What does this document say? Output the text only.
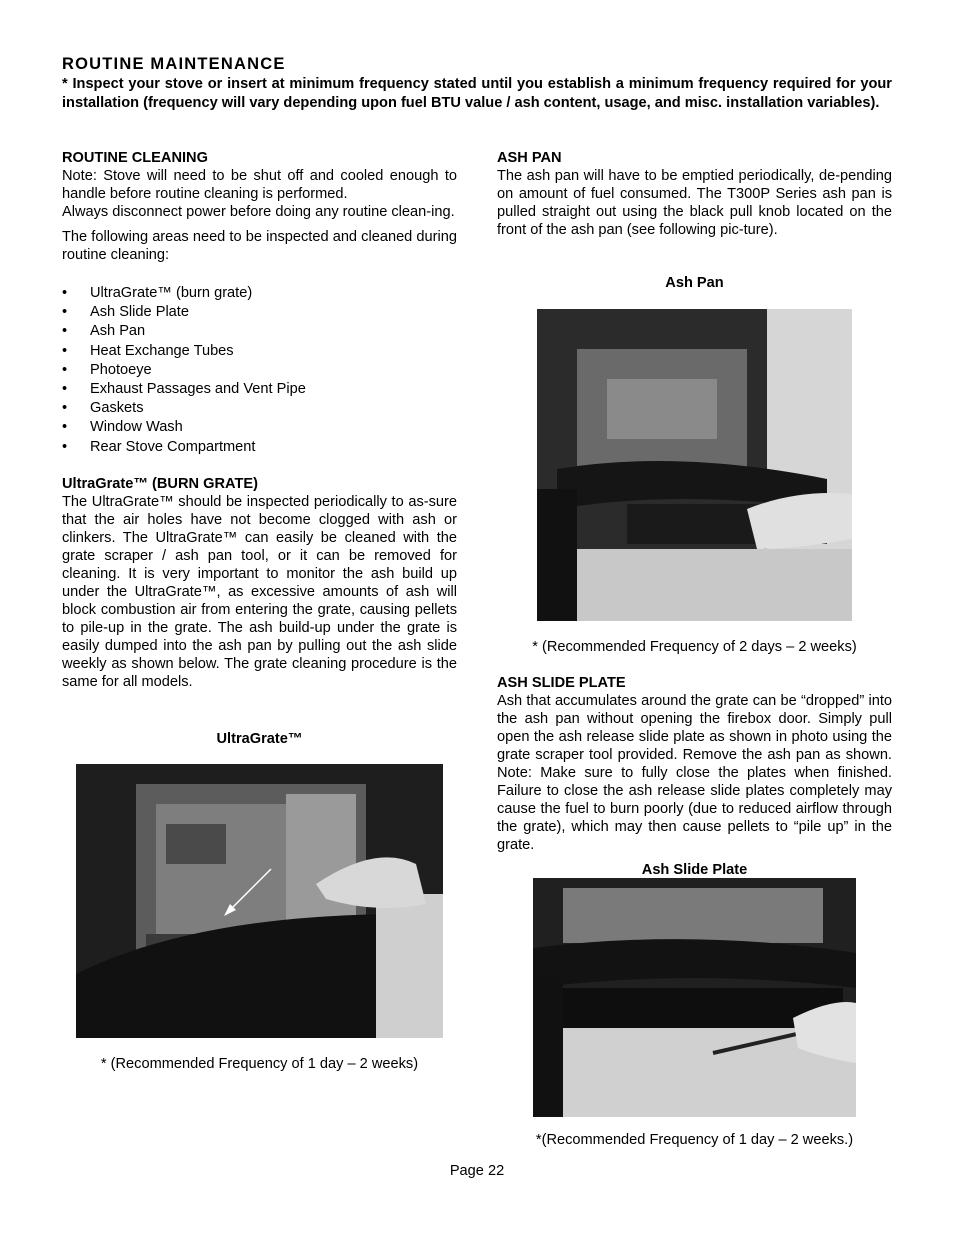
ROUTINE MAINTENANCE

* Inspect your stove or insert at minimum frequency stated until you establish a minimum frequency required for your installation (frequency will vary depending upon fuel BTU value / ash content, usage, and misc. installation variables).

ROUTINE CLEANING

Note: Stove will need to be shut off and cooled enough to handle before routine cleaning is performed.

Always disconnect power before doing any routine clean-ing.

The following areas need to be inspected and cleaned during routine cleaning:

• UltraGrate™ (burn grate)
• Ash Slide Plate
• Ash Pan
• Heat Exchange Tubes
• Photoeye
• Exhaust Passages and Vent Pipe
• Gaskets
• Window Wash
• Rear Stove Compartment

UltraGrate™ (BURN GRATE)

The UltraGrate™ should be inspected periodically to as-sure that the air holes have not become clogged with ash or clinkers. The UltraGrate™ can easily be cleaned with the grate scraper / ash pan tool, or it can be removed for cleaning. It is very important to monitor the ash build up under the UltraGrate™, as excessive amounts of ash will block combustion air from entering the grate, causing pellets to pile-up in the grate. The ash build-up under the grate is easily dumped into the ash pan by pulling out the ash slide weekly as shown below. The grate cleaning procedure is the same for all models.

UltraGrate™
* (Recommended Frequency of 1 day – 2 weeks)

ASH PAN

The ash pan will have to be emptied periodically, de-pending on amount of fuel consumed. The T300P Series ash pan is pulled straight out using the black pull knob located on the front of the ash pan (see following pic-ture).

Ash Pan
* (Recommended Frequency of 2 days – 2 weeks)

ASH SLIDE PLATE

Ash that accumulates around the grate can be “dropped” into the ash pan without opening the firebox door. Simply pull open the ash release slide plate as shown in photo using the grate scraper tool provided. Remove the ash pan as shown. Note: Make sure to fully close the plates when finished. Failure to close the ash release slide plates completely may cause the fuel to burn poorly (due to reduced airflow through the grate), which may then cause pellets to “pile up” in the grate.

Ash Slide Plate
*(Recommended Frequency of 1 day – 2 weeks.)
Page 22
